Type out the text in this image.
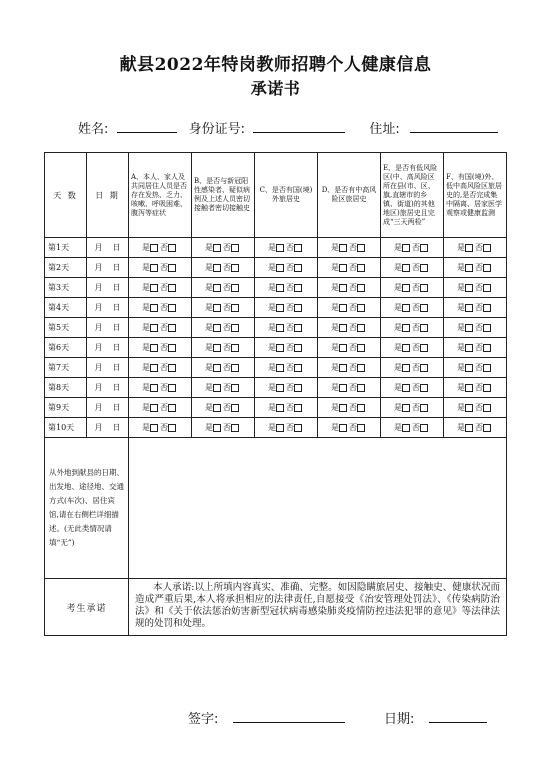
献县2022年特岗教师招聘个人健康信息
承诺书
姓名:	身份证号:	住址:
天 数	日 期	A、本人、家人及共同居住人员是否存在发热、乏力、咳嗽、呼吸困难、腹泻等症状	B、是否与新冠阳性感染者、疑似病例及上述人员密切接触者密切接触史	C、是否有国(境)外旅居史	D、是否有中高风险区旅居史	E、是否有低风险区(中、高风险区所在县(市、区、旗,直辖市的乡镇、街道)的其他地区)旅居史且完成“三天两检”	F、有国(境)外、低中高风险区旅居史的,是否完成集中隔离、居家医学观察或健康监测
第1天	月 日	是 否	是 否	是 否	是 否	是 否	是 否
第2天	月 日	是 否	是 否	是 否	是 否	是 否	是 否
第3天	月 日	是 否	是 否	是 否	是 否	是 否	是 否
第4天	月 日	是 否	是 否	是 否	是 否	是 否	是 否
第5天	月 日	是 否	是 否	是 否	是 否	是 否	是 否
第6天	月 日	是 否	是 否	是 否	是 否	是 否	是 否
第7天	月 日	是 否	是 否	是 否	是 否	是 否	是 否
第8天	月 日	是 否	是 否	是 否	是 否	是 否	是 否
第9天	月 日	是 否	是 否	是 否	是 否	是 否	是 否
第10天	月 日	是 否	是 否	是 否	是 否	是 否	是 否
从外地到献县的日期、出发地、途径地、交通方式(车次)、居住宾馆,请在右侧栏详细描述。(无此类情况请填“无”)							
考生承诺		本人承诺:以上所填内容真实、准确、完整。如因隐瞒旅居史、接触史、健康状况而造成严重后果,本人将承担相应的法律责任,自愿接受《治安管理处罚法》、《传染病防治法》和《关于依法惩治妨害新型冠状病毒感染肺炎疫情防控违法犯罪的意见》等法律法规的处罚和处理。					
签字:	日期:
